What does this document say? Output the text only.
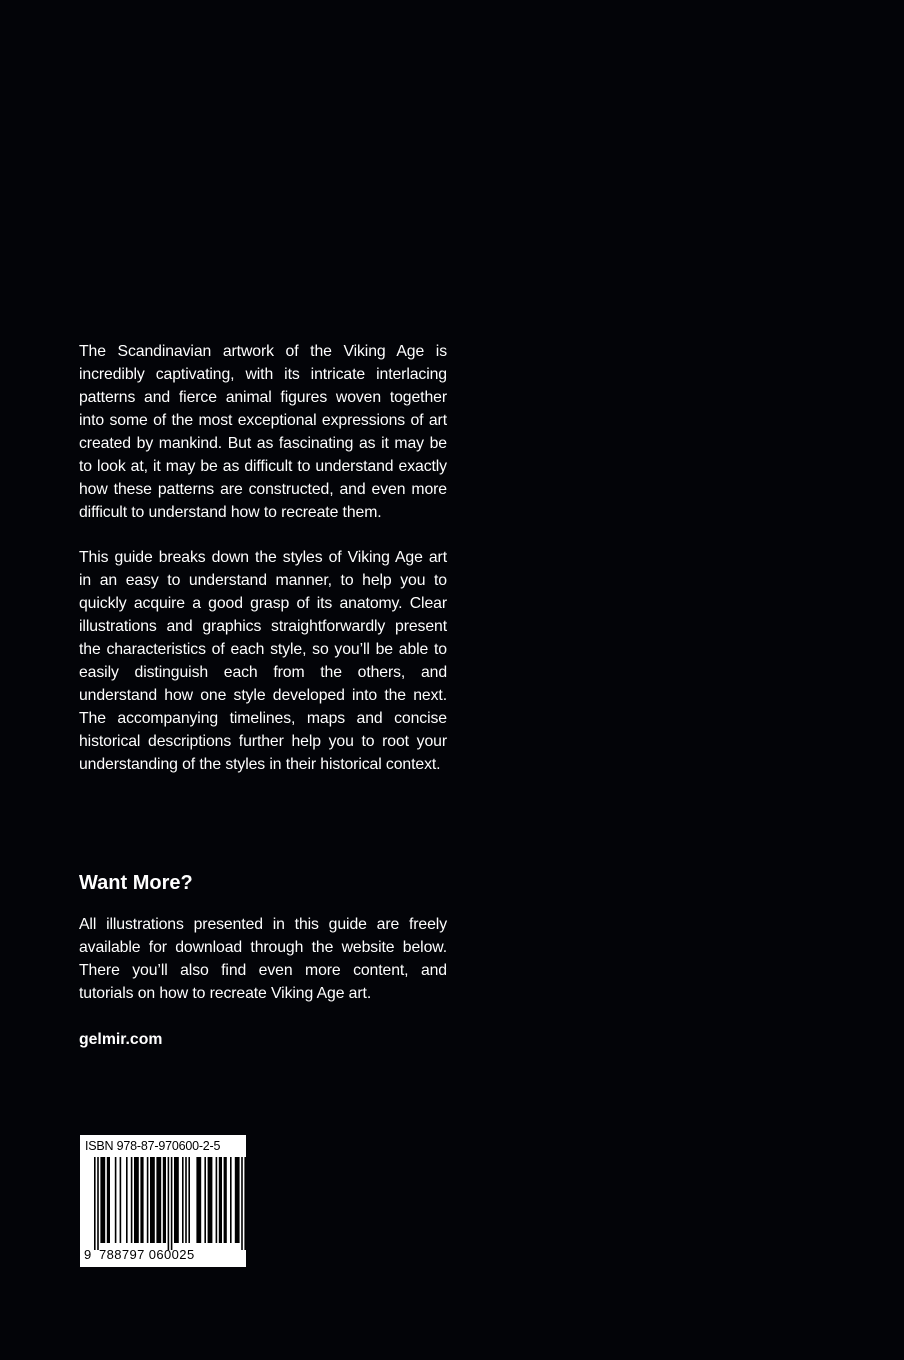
The Scandinavian artwork of the Viking Age is incredibly captivating, with its intricate interlacing patterns and fierce animal figures woven together into some of the most exceptional expressions of art created by mankind. But as fascinating as it may be to look at, it may be as difficult to understand exactly how these patterns are constructed, and even more difficult to understand how to recreate them.

This guide breaks down the styles of Viking Age art in an easy to understand manner, to help you to quickly acquire a good grasp of its anatomy. Clear illustrations and graphics straightforwardly present the characteristics of each style, so you’ll be able to easily distinguish each from the others, and understand how one style developed into the next. The accompanying timelines, maps and concise historical descriptions further help you to root your understanding of the styles in their historical context.

Want More?

All illustrations presented in this guide are freely available for download through the website below. There you’ll also find even more content, and tutorials on how to recreate Viking Age art.

gelmir.com

ISBN 978-87-970600-2-5
9 788797 060025
